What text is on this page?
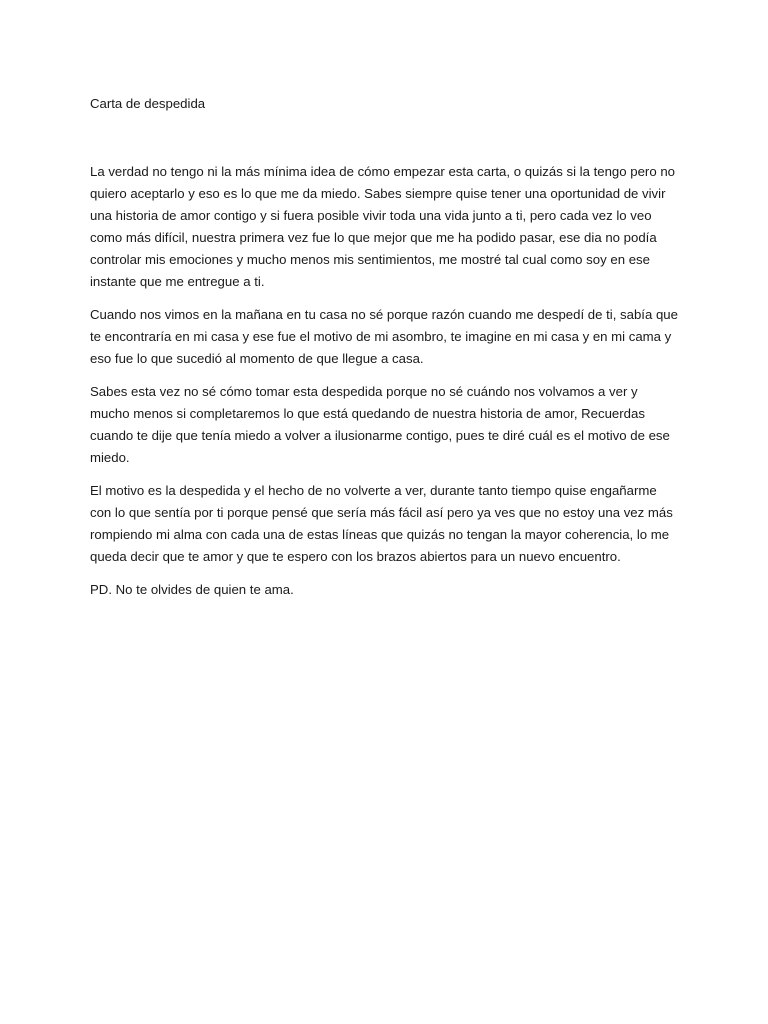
Carta de despedida

La verdad no tengo ni la más mínima idea de cómo empezar esta carta, o quizás si la tengo pero no quiero aceptarlo y eso es lo que me da miedo. Sabes siempre quise tener una oportunidad de vivir una historia de amor contigo y si fuera posible vivir toda una vida junto a ti, pero cada vez lo veo como más difícil, nuestra primera vez fue lo que mejor que me ha podido pasar, ese dia no podía controlar mis emociones y mucho menos mis sentimientos, me mostré tal cual como soy en ese instante que me entregue a ti.

Cuando nos vimos en la mañana en tu casa no sé porque razón cuando me despedí de ti, sabía que te encontraría en mi casa y ese fue el motivo de mi asombro, te imagine en mi casa y en mi cama y eso fue lo que sucedió al momento de que llegue a casa.

Sabes esta vez no sé cómo tomar esta despedida porque no sé cuándo nos volvamos a ver y mucho menos si completaremos lo que está quedando de nuestra historia de amor, Recuerdas cuando te dije que tenía miedo a volver a ilusionarme contigo, pues te diré cuál es el motivo de ese miedo.

El motivo es la despedida y el hecho de no volverte a ver, durante tanto tiempo quise engañarme con lo que sentía por ti porque pensé que sería más fácil así pero ya ves que no estoy una vez más rompiendo mi alma con cada una de estas líneas que quizás no tengan la mayor coherencia, lo me queda decir que te amor y que te espero con los brazos abiertos para un nuevo encuentro.

PD. No te olvides de quien te ama.
